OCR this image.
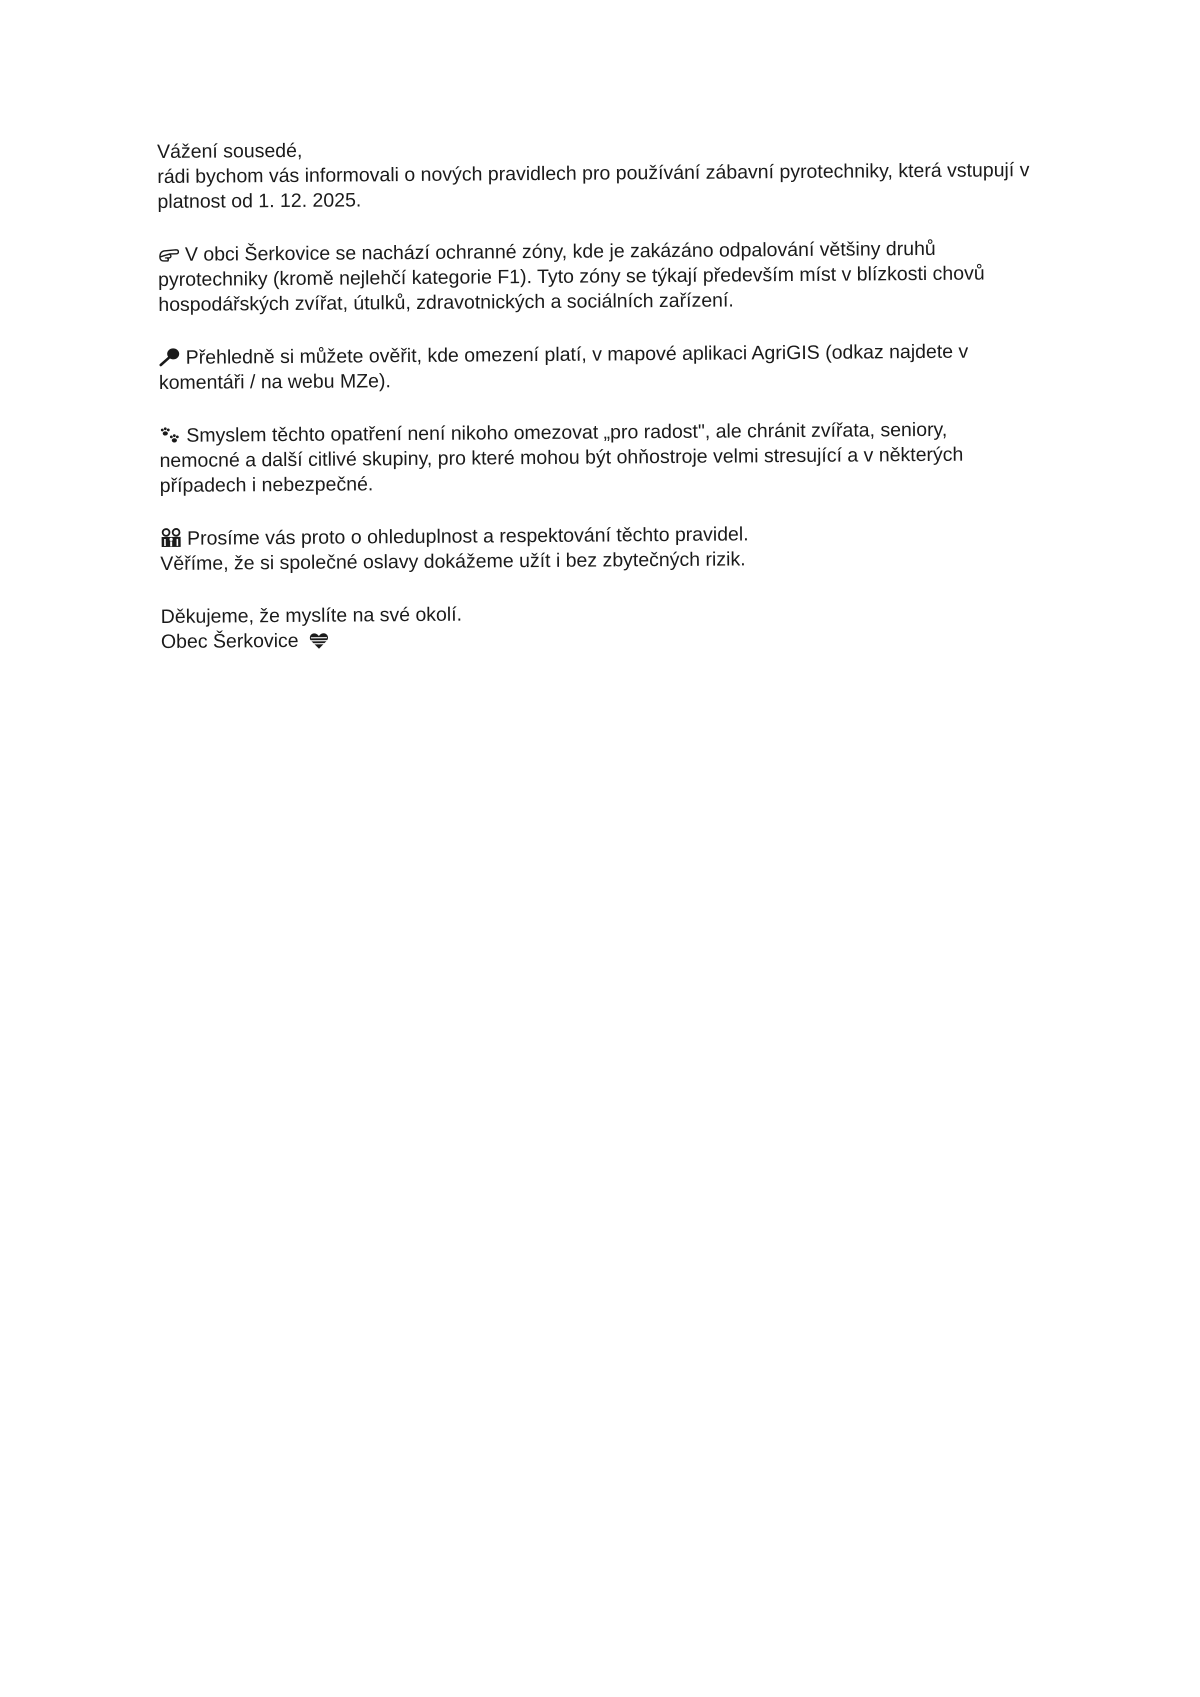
Vážení sousedé,
rádi bychom vás informovali o nových pravidlech pro používání zábavní pyrotechniky, která vstupují v
platnost od 1. 12. 2025.
V obci Šerkovice se nachází ochranné zóny, kde je zakázáno odpalování většiny druhů
pyrotechniky (kromě nejlehčí kategorie F1). Tyto zóny se týkají především míst v blízkosti chovů
hospodářských zvířat, útulků, zdravotnických a sociálních zařízení.
Přehledně si můžete ověřit, kde omezení platí, v mapové aplikaci AgriGIS (odkaz najdete v
komentáři / na webu MZe).
Smyslem těchto opatření není nikoho omezovat „pro radost", ale chránit zvířata, seniory,
nemocné a další citlivé skupiny, pro které mohou být ohňostroje velmi stresující a v některých
případech i nebezpečné.
Prosíme vás proto o ohleduplnost a respektování těchto pravidel.
Věříme, že si společné oslavy dokážeme užít i bez zbytečných rizik.
Děkujeme, že myslíte na své okolí.
Obec Šerkovice
